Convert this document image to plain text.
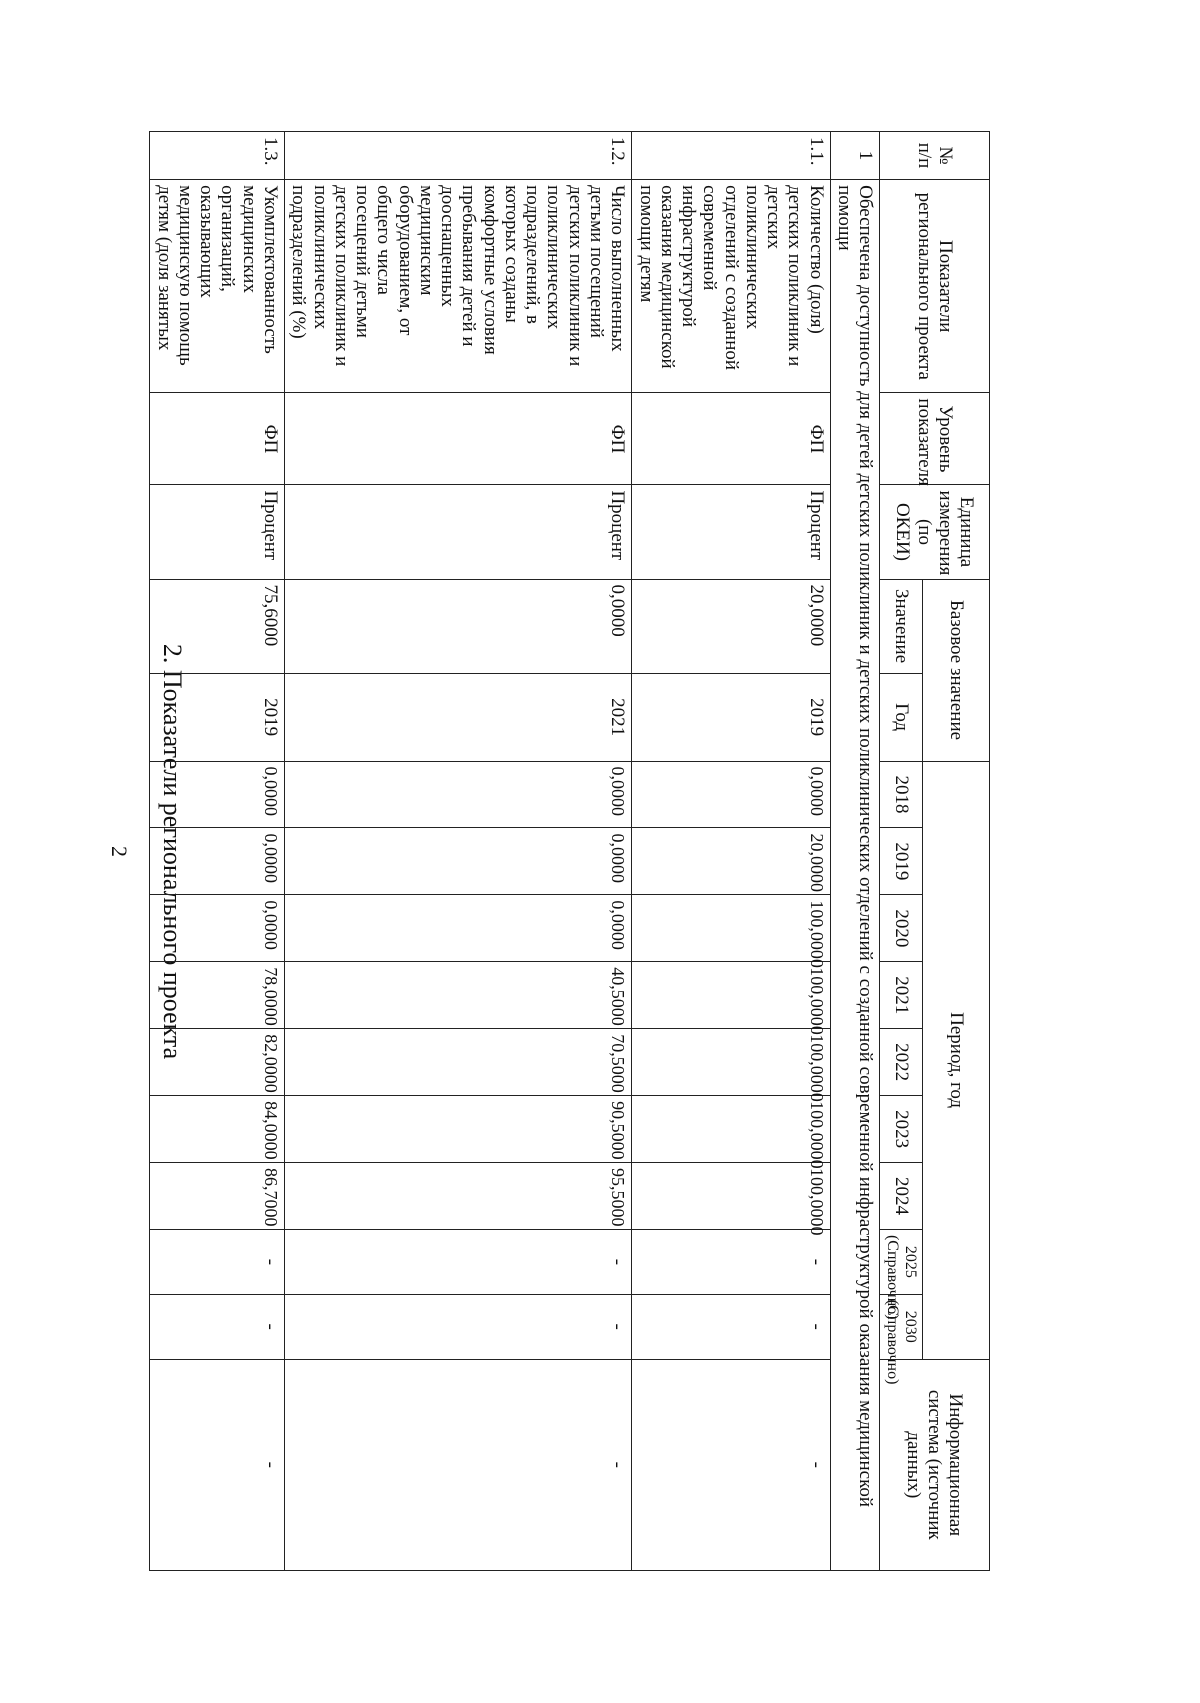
2. Показатели регионального проекта
2
№ п/п	Показатели регионального проекта	Уровень показателя	Единица измерения (по ОКЕИ)	Базовое значение		Период, год									Информационная система (источник данных)
				Значение	Год	2018	2019	2020	2021	2022	2023	2024	2025 (Справочно)	2030 (Справочно)	
1	Обеспечена доступность для детей детских поликлиник и детских поликлинических отделений с созданной современной инфраструктурой оказания медицинской помощи														
1.1.	Количество (доля) детских поликлиник и детских поликлинических отделений с созданной современной инфраструктурой оказания медицинской помощи детям	ФП	Процент	20,0000	2019	0,0000	20,0000	100,0000	100,0000	100,0000	100,0000	100,0000	-	-	-
1.2.	Число выполненных детьми посещений детских поликлиник и поликлинических подразделений, в которых созданы комфортные условия пребывания детей и дооснащенных медицинским оборудованием, от общего числа посещений детьми детских поликлиник и поликлинических подразделений (%)	ФП	Процент	0,0000	2021	0,0000	0,0000	0,0000	40,5000	70,5000	90,5000	95,5000	-	-	-
1.3.	Укомплектованность медицинских организаций, оказывающих медицинскую помощь детям (доля занятых	ФП	Процент	75,6000	2019	0,0000	0,0000	0,0000	78,0000	82,0000	84,0000	86,7000	-	-	-
